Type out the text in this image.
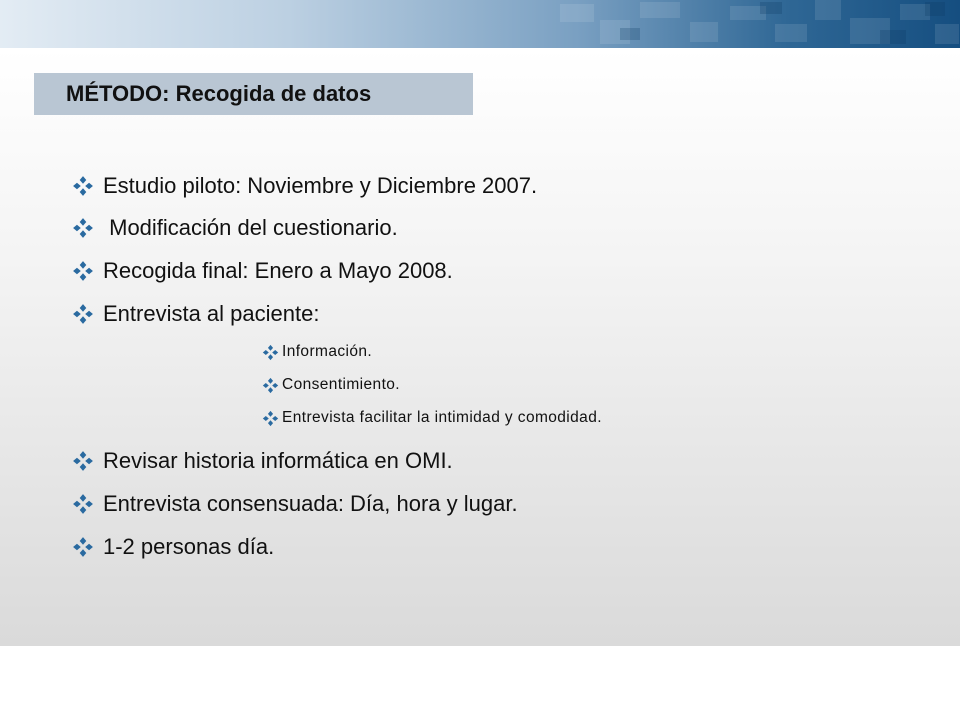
MÉTODO: Recogida de datos
Estudio piloto: Noviembre y Diciembre 2007.
Modificación del cuestionario.
Recogida final: Enero a Mayo 2008.
Entrevista al paciente:
Información.
Consentimiento.
Entrevista facilitar la intimidad y comodidad.
Revisar historia informática en OMI.
Entrevista consensuada: Día, hora y lugar.
1-2 personas día.
